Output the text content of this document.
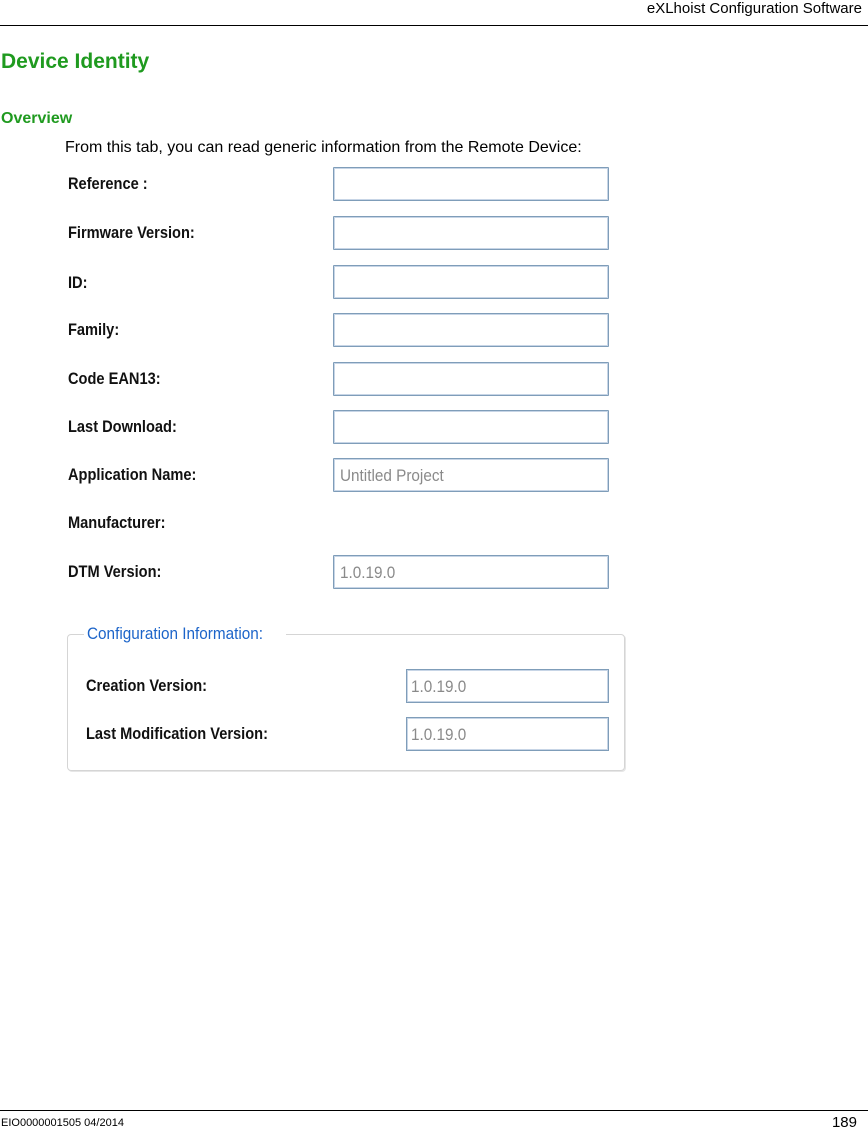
eXLhoist Configuration Software
Device Identity
Overview
From this tab, you can read generic information from the Remote Device:
Reference :
Firmware Version:
ID:
Family:
Code EAN13:
Last Download:
Application Name:	Untitled Project
Manufacturer:
DTM Version:	1.0.19.0
Configuration Information:
Creation Version:	1.0.19.0
Last Modification Version:	1.0.19.0
EIO0000001505 04/2014	189
